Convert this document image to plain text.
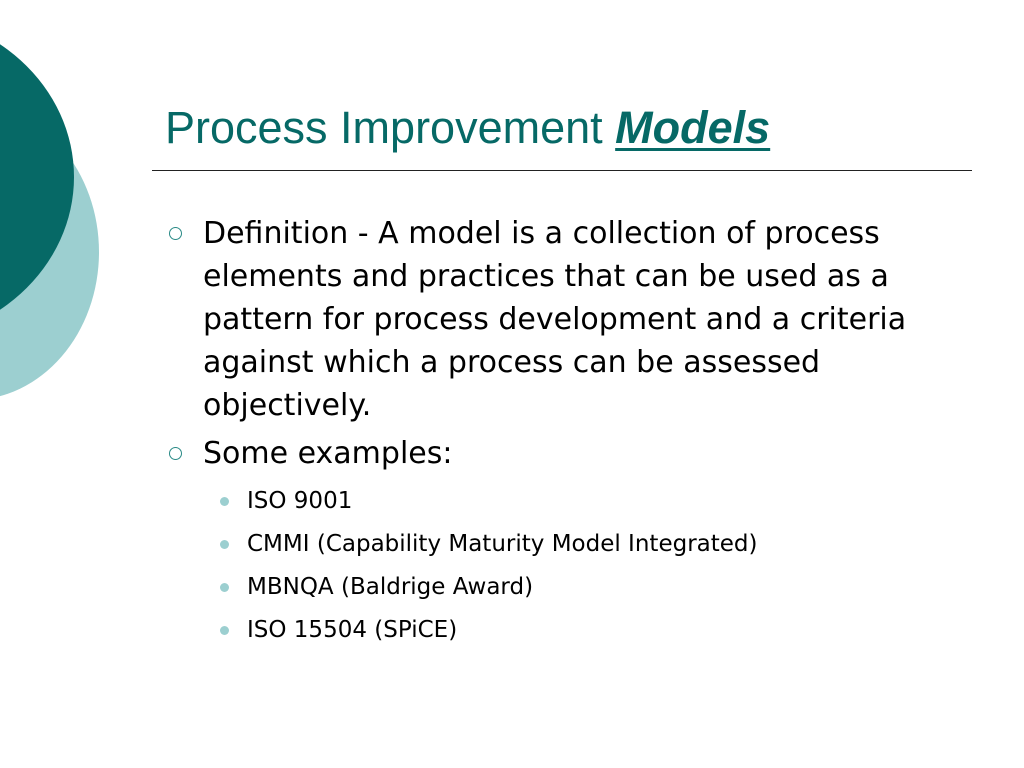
Process Improvement Models
Definition - A model is a collection of process elements and practices that can be used as a pattern for process development and a criteria against which a process can be assessed objectively.
Some examples:
ISO 9001
CMMI (Capability Maturity Model Integrated)
MBNQA (Baldrige Award)
ISO 15504 (SPiCE)
